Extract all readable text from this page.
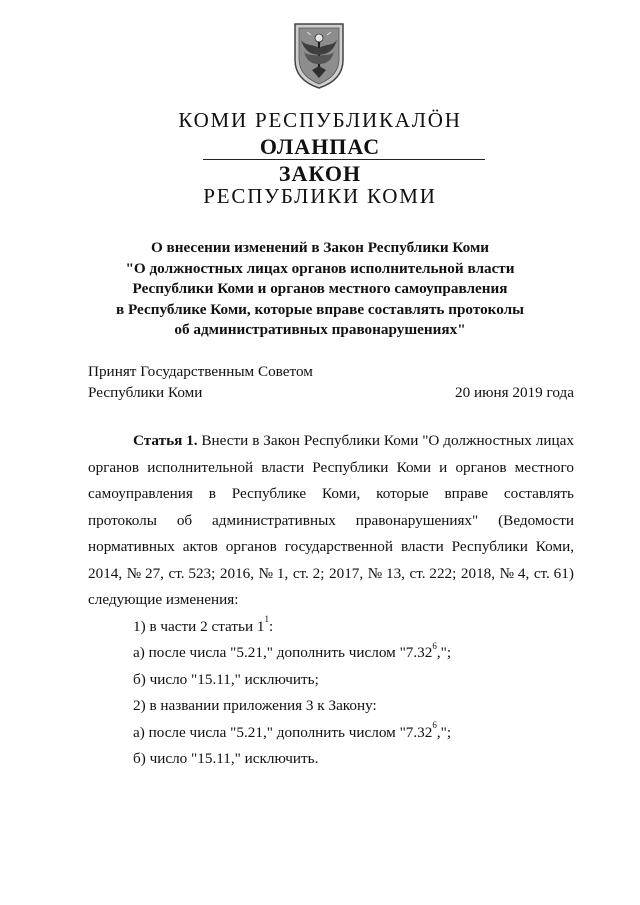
КОМИ РЕСПУБЛИКАЛÖН
ОЛАНПАС
ЗАКОН
РЕСПУБЛИКИ КОМИ
О внесении изменений в Закон Республики Коми
"О должностных лицах органов исполнительной власти
Республики Коми и органов местного самоуправления
в Республике Коми, которые вправе составлять протоколы
об административных правонарушениях"
Принят Государственным Советом
Республики Коми	20 июня 2019 года
Статья 1. Внести в Закон Республики Коми "О должностных лицах
органов исполнительной власти Республики Коми и органов местного
самоуправления в Республике Коми, которые вправе составлять
протоколы об административных правонарушениях" (Ведомости
нормативных актов органов государственной власти Республики Коми,
2014, № 27, ст. 523; 2016, № 1, ст. 2; 2017, № 13, ст. 222; 2018, № 4, ст. 61)
следующие изменения:
1) в части 2 статьи $1^1$:
а) после числа "5.21," дополнить числом "7.32$^6$,";
б) число "15.11," исключить;
2) в названии приложения 3 к Закону:
а) после числа "5.21," дополнить числом "7.32$^6$,";
б) число "15.11," исключить.
